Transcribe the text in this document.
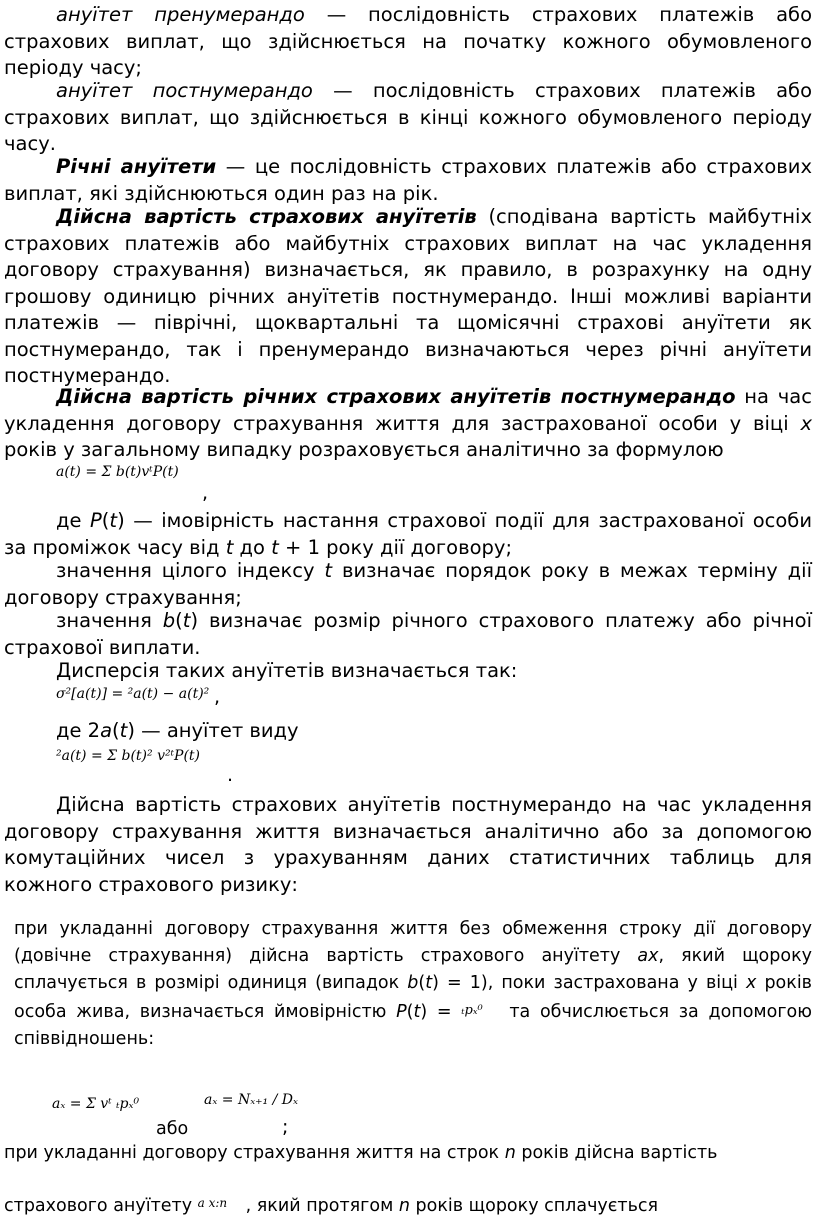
ануїтет пренумерандо — послідовність страхових платежів або страхових виплат, що здійснюється на початку кожного обумовленого періоду часу;

ануїтет постнумерандо — послідовність страхових платежів або страхових виплат, що здійснюється в кінці кожного обумовленого періоду часу.

Річні ануїтети — це послідовність страхових платежів або страхових виплат, які здійснюються один раз на рік.

Дійсна вартість страхових ануїтетів (сподівана вартість майбутніх страхових платежів або майбутніх страхових виплат на час укладення договору страхування) визначається, як правило, в розрахунку на одну грошову одиницю річних ануїтетів постнумерандо. Інші можливі варіанти платежів — піврічні, щоквартальні та щомісячні страхові ануїтети як постнумерандо, так і пренумерандо визначаються через річні ануїтети постнумерандо.

Дійсна вартість річних страхових ануїтетів постнумерандо на час укладення договору страхування життя для застрахованої особи у віці x років у загальному випадку розраховується аналітично за формулою

a(t) = Σ b(t)vᵗP(t)
,

де P(t) — імовірність настання страхової події для застрахованої особи за проміжок часу від t до t + 1 року дії договору;

значення цілого індексу t визначає порядок року в межах терміну дії договору страхування;

значення b(t) визначає розмір річного страхового платежу або річної страхової виплати.

Дисперсія таких ануїтетів визначається так:

σ²[a(t)] = ²a(t) − a(t)² ,

де 2a(t) — ануїтет виду

²a(t) = Σ b(t)² v²ᵗP(t)
.

Дійсна вартість страхових ануїтетів постнумерандо на час укладення договору страхування життя визначається аналітично або за допомогою комутаційних чисел з урахуванням даних статистичних таблиць для кожного страхового ризику:

при укладанні договору страхування життя без обмеження строку дії договору (довічне страхування) дійсна вартість страхового ануїтету ax, який щороку сплачується в розмірі одиниця (випадок b(t) = 1), поки застрахована у віці x років особа жива, визначається ймовірністю P(t) = ₜpₓ⁰ та обчислюється за допомогою співвідношень:

aₓ = Σ vᵗ ₜpₓ⁰
або
aₓ = Nₓ₊₁ / Dₓ
;

при укладанні договору страхування життя на строк n років дійсна вартість

страхового ануїтету a x:n , який протягом n років щороку сплачується
